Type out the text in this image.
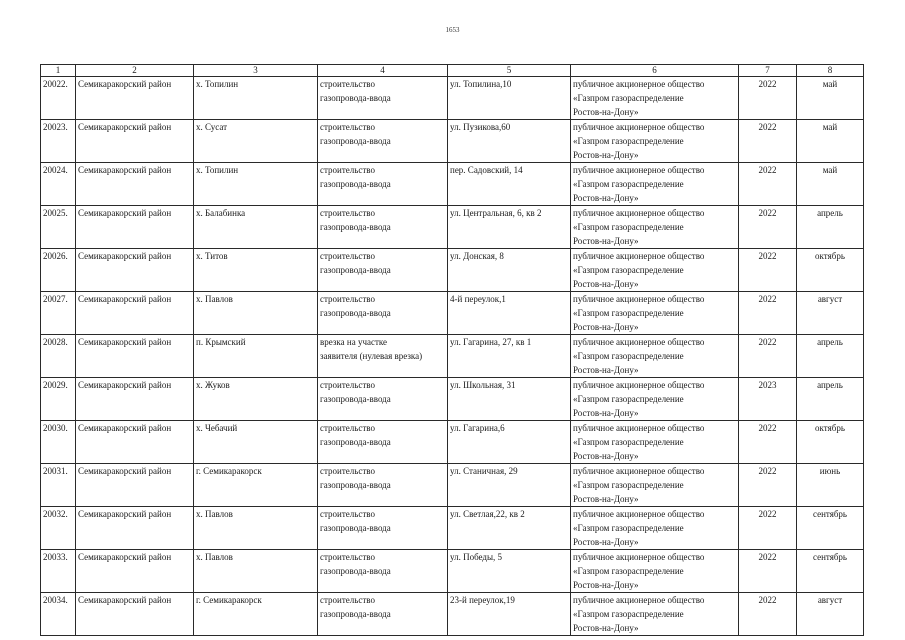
1653
1	2	3	4	5	6	7	8
20022.	Семикаракорский район	х. Топилин	строительство
газопровода-ввода	ул. Топилина,10	публичное акционерное общество
«Газпром газораспределение
Ростов-на-Дону»	2022	май
20023.	Семикаракорский район	х. Сусат	строительство
газопровода-ввода	ул. Пузикова,60	публичное акционерное общество
«Газпром газораспределение
Ростов-на-Дону»	2022	май
20024.	Семикаракорский район	х. Топилин	строительство
газопровода-ввода	пер. Садовский, 14	публичное акционерное общество
«Газпром газораспределение
Ростов-на-Дону»	2022	май
20025.	Семикаракорский район	х. Балабинка	строительство
газопровода-ввода	ул. Центральная, 6, кв 2	публичное акционерное общество
«Газпром газораспределение
Ростов-на-Дону»	2022	апрель
20026.	Семикаракорский район	х. Титов	строительство
газопровода-ввода	ул. Донская, 8	публичное акционерное общество
«Газпром газораспределение
Ростов-на-Дону»	2022	октябрь
20027.	Семикаракорский район	х. Павлов	строительство
газопровода-ввода	4-й переулок,1	публичное акционерное общество
«Газпром газораспределение
Ростов-на-Дону»	2022	август
20028.	Семикаракорский район	п. Крымский	врезка на участке
заявителя (нулевая врезка)	ул. Гагарина, 27, кв 1	публичное акционерное общество
«Газпром газораспределение
Ростов-на-Дону»	2022	апрель
20029.	Семикаракорский район	х. Жуков	строительство
газопровода-ввода	ул. Школьная, 31	публичное акционерное общество
«Газпром газораспределение
Ростов-на-Дону»	2023	апрель
20030.	Семикаракорский район	х. Чебачий	строительство
газопровода-ввода	ул. Гагарина,6	публичное акционерное общество
«Газпром газораспределение
Ростов-на-Дону»	2022	октябрь
20031.	Семикаракорский район	г. Семикаракорск	строительство
газопровода-ввода	ул. Станичная, 29	публичное акционерное общество
«Газпром газораспределение
Ростов-на-Дону»	2022	июнь
20032.	Семикаракорский район	х. Павлов	строительство
газопровода-ввода	ул. Светлая,22, кв 2	публичное акционерное общество
«Газпром газораспределение
Ростов-на-Дону»	2022	сентябрь
20033.	Семикаракорский район	х. Павлов	строительство
газопровода-ввода	ул. Победы, 5	публичное акционерное общество
«Газпром газораспределение
Ростов-на-Дону»	2022	сентябрь
20034.	Семикаракорский район	г. Семикаракорск	строительство
газопровода-ввода	23-й переулок,19	публичное акционерное общество
«Газпром газораспределение
Ростов-на-Дону»	2022	август
